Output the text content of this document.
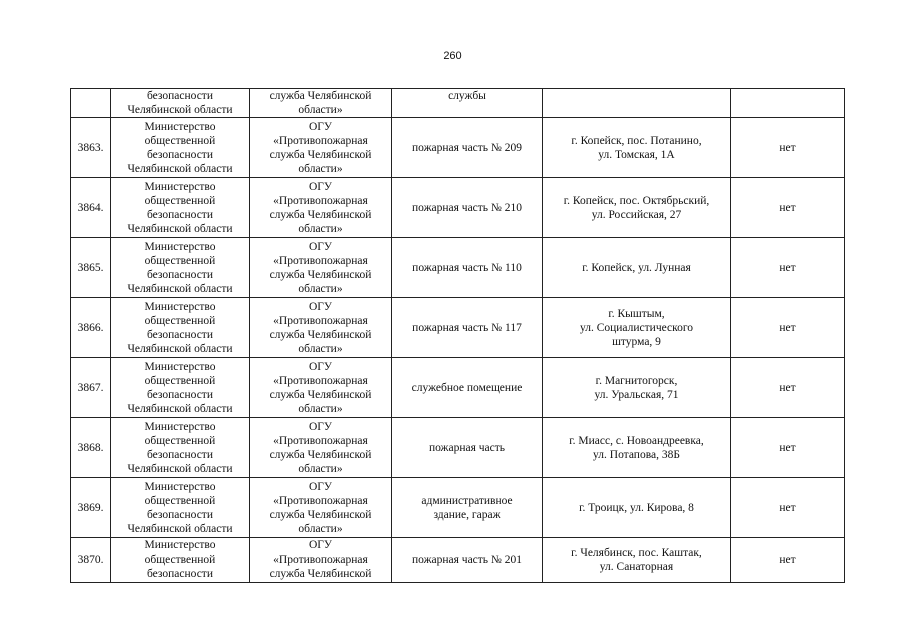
260

	безопасности
Челябинской области	служба Челябинской
области»	службы		

3863.	Министерство
общественной
безопасности
Челябинской области	ОГУ
«Противопожарная
служба Челябинской
области»	пожарная часть № 209	г. Копейск, пос. Потанино,
ул. Томская, 1А	нет
3864.	Министерство
общественной
безопасности
Челябинской области	ОГУ
«Противопожарная
служба Челябинской
области»	пожарная часть № 210	г. Копейск, пос. Октябрьский,
ул. Российская, 27	нет
3865.	Министерство
общественной
безопасности
Челябинской области	ОГУ
«Противопожарная
служба Челябинской
области»	пожарная часть № 110	г. Копейск, ул. Лунная	нет
3866.	Министерство
общественной
безопасности
Челябинской области	ОГУ
«Противопожарная
служба Челябинской
области»	пожарная часть № 117	г. Кыштым,
ул. Социалистического
штурма, 9	нет
3867.	Министерство
общественной
безопасности
Челябинской области	ОГУ
«Противопожарная
служба Челябинской
области»	служебное помещение	г. Магнитогорск,
ул. Уральская, 71	нет
3868.	Министерство
общественной
безопасности
Челябинской области	ОГУ
«Противопожарная
служба Челябинской
области»	пожарная часть	г. Миасс, с. Новоандреевка,
ул. Потапова, 38Б	нет
3869.	Министерство
общественной
безопасности
Челябинской области	ОГУ
«Противопожарная
служба Челябинской
области»	административное
здание, гараж	г. Троицк, ул. Кирова, 8	нет
3870.	Министерство
общественной
безопасности	ОГУ
«Противопожарная
служба Челябинской	пожарная часть № 201	г. Челябинск, пос. Каштак,
ул. Санаторная	нет
